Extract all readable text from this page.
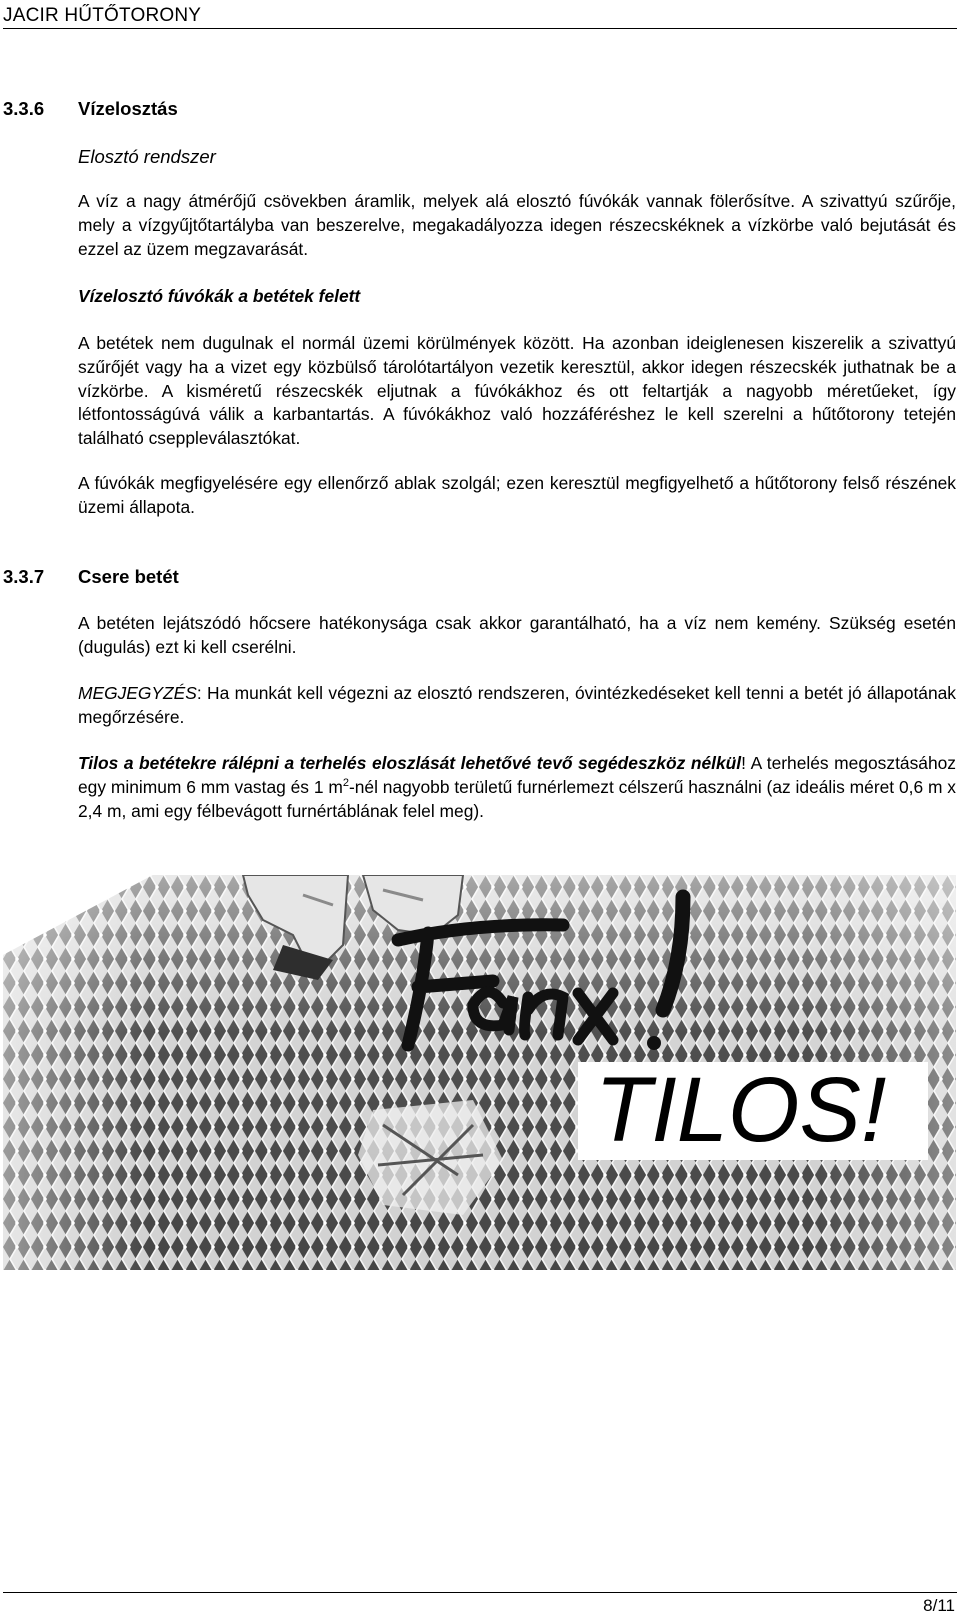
JACIR HŰTŐTORONY
3.3.6 Vízelosztás
Elosztó rendszer
A víz a nagy átmérőjű csövekben áramlik, melyek alá elosztó fúvókák vannak fölerősítve. A szivattyú szűrője, mely a vízgyűjtőtartályba van beszerelve, megakadályozza idegen részecskéknek a vízkörbe való bejutását és ezzel az üzem megzavarását.
Vízelosztó fúvókák a betétek felett
A betétek nem dugulnak el normál üzemi körülmények között. Ha azonban ideiglenesen kiszerelik a szivattyú szűrőjét vagy ha a vizet egy közbülső tárolótartályon vezetik keresztül, akkor idegen részecskék juthatnak be a vízkörbe. A kisméretű részecskék eljutnak a fúvókákhoz és ott feltartják a nagyobb méretűeket, így létfontosságúvá válik a karbantartás. A fúvókákhoz való hozzáféréshez le kell szerelni a hűtőtorony tetején található cseppleválasztókat.
A fúvókák megfigyelésére egy ellenőrző ablak szolgál; ezen keresztül megfigyelhető a hűtőtorony felső részének üzemi állapota.
3.3.7 Csere betét
A betéten lejátszódó hőcsere hatékonysága csak akkor garantálható, ha a víz nem kemény. Szükség esetén (dugulás) ezt ki kell cserélni.
MEGJEGYZÉS: Ha munkát kell végezni az elosztó rendszeren, óvintézkedéseket kell tenni a betét jó állapotának megőrzésére.
Tilos a betétekre rálépni a terhelés eloszlását lehetővé tevő segédeszköz nélkül! A terhelés megosztásához egy minimum 6 mm vastag és 1 $m^2$-nél nagyobb területű furnérlemezt célszerű használni (az ideális méret 0,6 m x 2,4 m, ami egy félbevágott furnértáblának felel meg).
TILOS!
8/11
